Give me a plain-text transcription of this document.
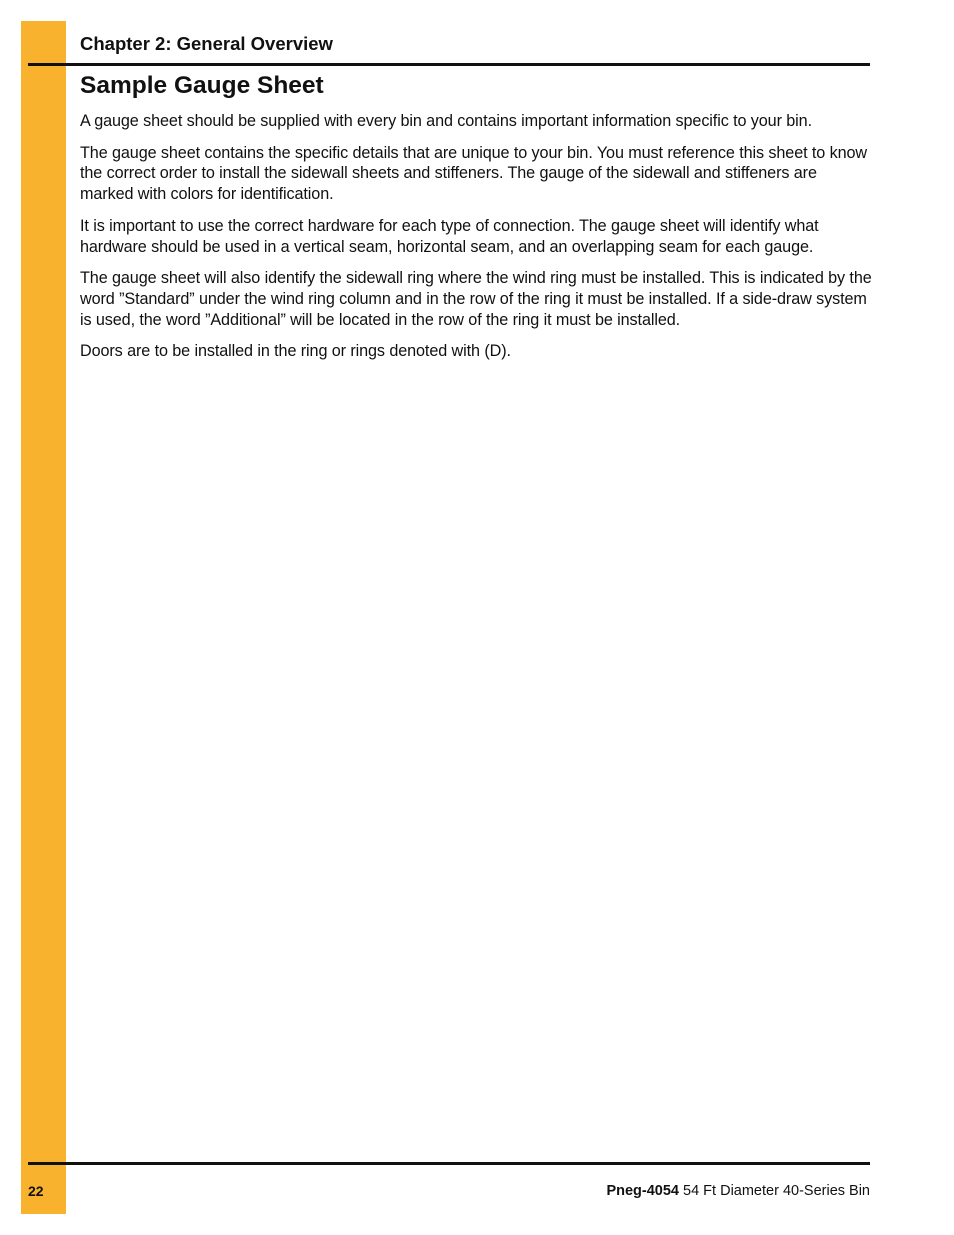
Chapter 2: General Overview
Sample Gauge Sheet

A gauge sheet should be supplied with every bin and contains important information specific to your bin.

The gauge sheet contains the specific details that are unique to your bin. You must reference this sheet to know the correct order to install the sidewall sheets and stiffeners. The gauge of the sidewall and stiffeners are marked with colors for identification.

It is important to use the correct hardware for each type of connection. The gauge sheet will identify what hardware should be used in a vertical seam, horizontal seam, and an overlapping seam for each gauge.

The gauge sheet will also identify the sidewall ring where the wind ring must be installed. This is indicated by the word ”Standard” under the wind ring column and in the row of the ring it must be installed. If a side-draw system is used, the word ”Additional” will be located in the row of the ring it must be installed.

Doors are to be installed in the ring or rings denoted with (D).

22	Pneg-4054 54 Ft Diameter 40-Series Bin
